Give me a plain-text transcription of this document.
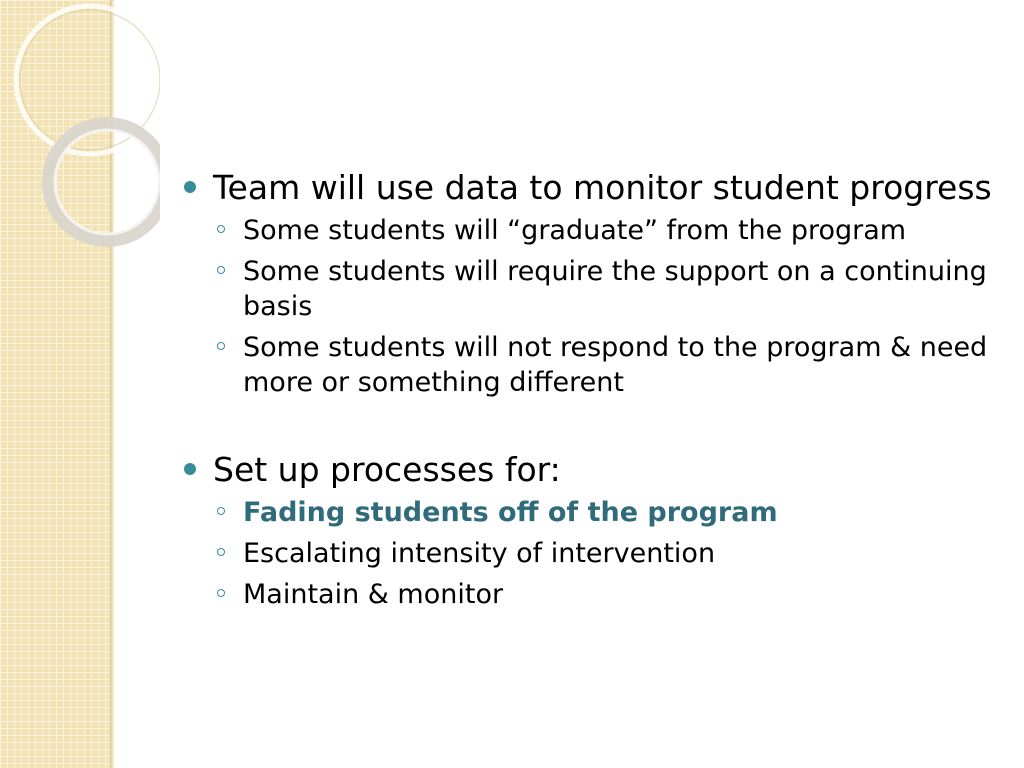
Team will use data to monitor student progress
Some students will “graduate” from the program
Some students will require the support on a continuing basis
Some students will not respond to the program & need more or something different
Set up processes for:
Fading students off of the program
Escalating intensity of intervention
Maintain & monitor
